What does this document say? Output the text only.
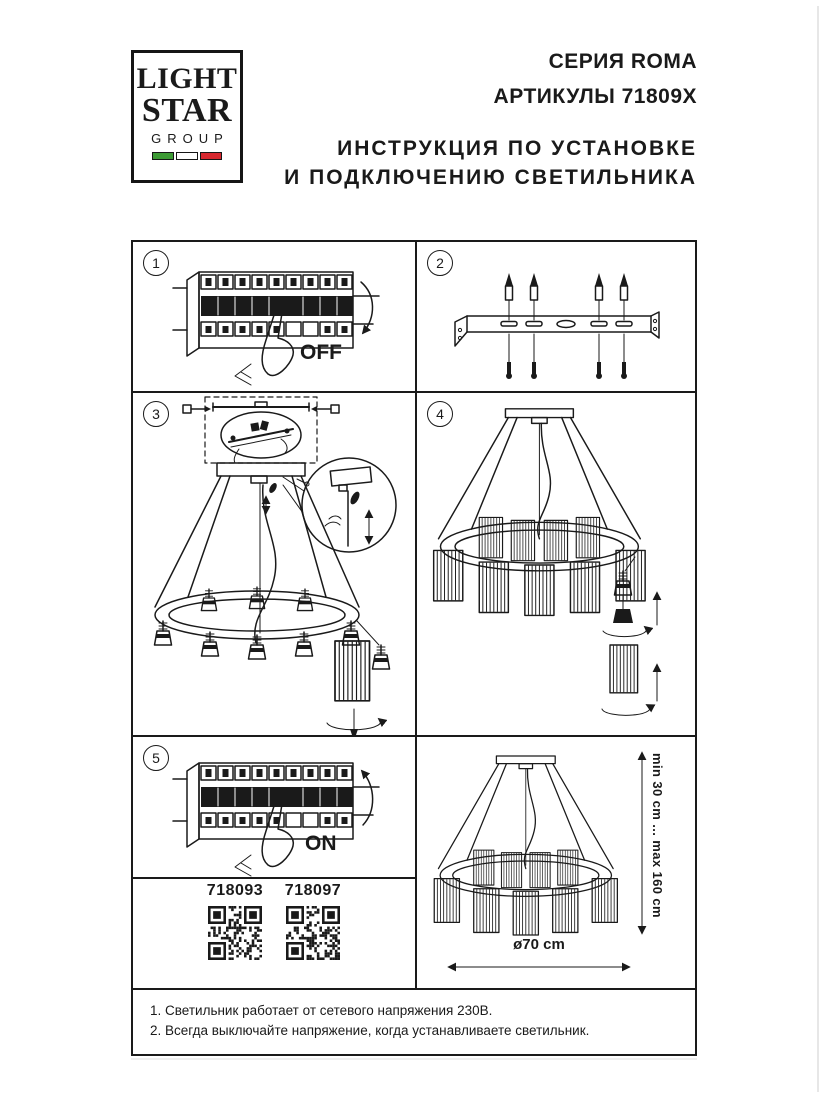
LIGHT
STAR
GROUP
СЕРИЯ ROMA
АРТИКУЛЫ 71809X
ИНСТРУКЦИЯ ПО УСТАНОВКЕ
И ПОДКЛЮЧЕНИЮ СВЕТИЛЬНИКА
1
OFF
2
3	4
5
ON
718093 718097	min 30 cm ... max 160 cm
ø70 cm
1. Светильник работает от сетевого напряжения 230В.
2. Всегда выключайте напряжение, когда устанавливаете светильник.
